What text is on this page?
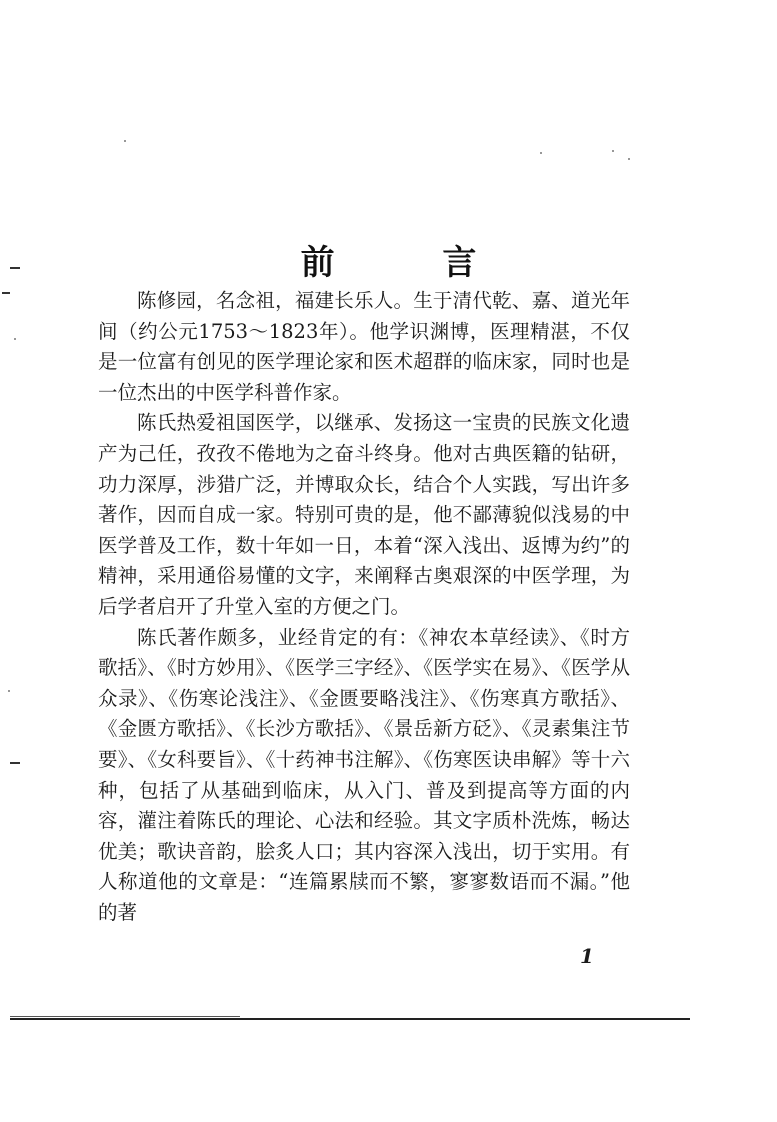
前 言

陈修园，名念祖，福建长乐人。生于清代乾、嘉、道光年间（约公元1753～1823年）。他学识渊博，医理精湛，不仅是一位富有创见的医学理论家和医术超群的临床家，同时也是一位杰出的中医学科普作家。

陈氏热爱祖国医学，以继承、发扬这一宝贵的民族文化遗产为己任，孜孜不倦地为之奋斗终身。他对古典医籍的钻研，功力深厚，涉猎广泛，并博取众长，结合个人实践，写出许多著作，因而自成一家。特别可贵的是，他不鄙薄貌似浅易的中医学普及工作，数十年如一日，本着“深入浅出、返博为约”的精神，采用通俗易懂的文字，来阐释古奥艰深的中医学理，为后学者启开了升堂入室的方便之门。

陈氏著作颇多，业经肯定的有：《神农本草经读》、《时方歌括》、《时方妙用》、《医学三字经》、《医学实在易》、《医学从众录》、《伤寒论浅注》、《金匮要略浅注》、《伤寒真方歌括》、《金匮方歌括》、《长沙方歌括》、《景岳新方砭》、《灵素集注节要》、《女科要旨》、《十药神书注解》、《伤寒医诀串解》等十六种，包括了从基础到临床，从入门、普及到提高等方面的内容，灌注着陈氏的理论、心法和经验。其文字质朴洗炼，畅达优美；歌诀音韵，脍炙人口；其内容深入浅出，切于实用。有人称道他的文章是：“连篇累牍而不繁，寥寥数语而不漏。”他的著

1
